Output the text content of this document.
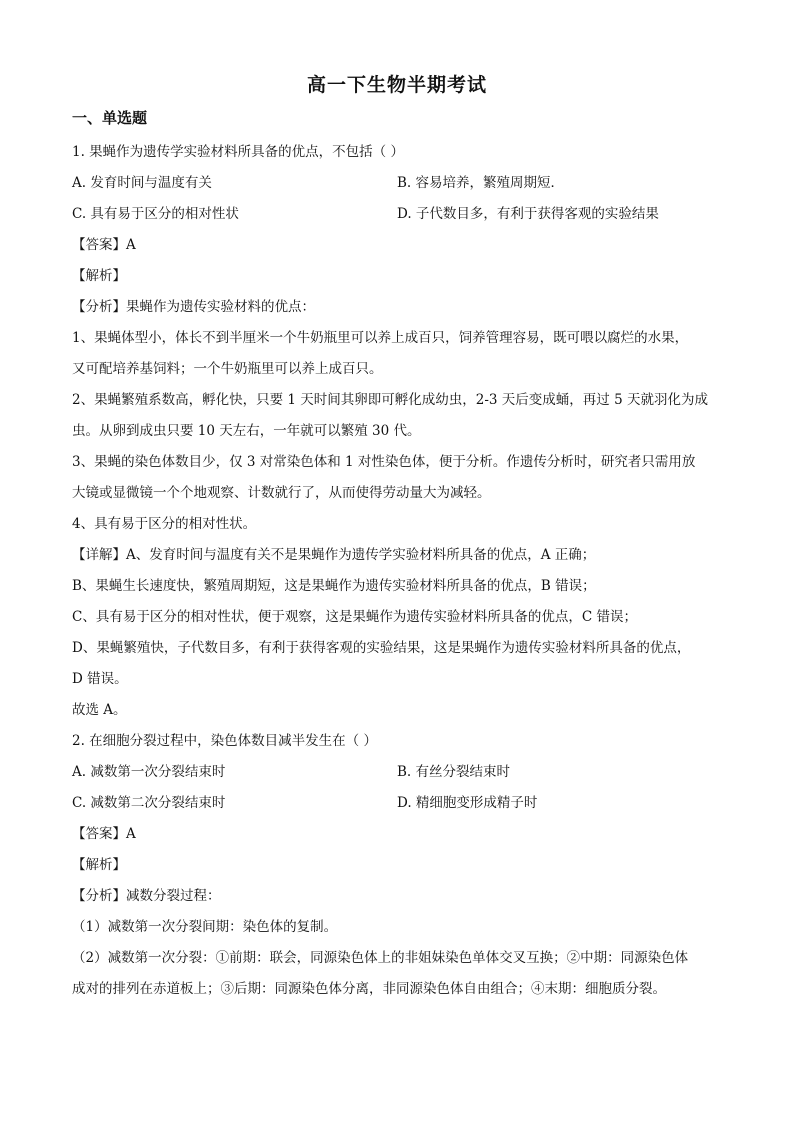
高一下生物半期考试
一、单选题
1. 果蝇作为遗传学实验材料所具备的优点，不包括（ ）
A. 发育时间与温度有关	B. 容易培养，繁殖周期短．
C. 具有易于区分的相对性状	D. 子代数目多，有利于获得客观的实验结果
【答案】A
【解析】
【分析】果蝇作为遗传实验材料的优点：
1、果蝇体型小，体长不到半厘米一个牛奶瓶里可以养上成百只，饲养管理容易，既可喂以腐烂的水果，
又可配培养基饲料；一个牛奶瓶里可以养上成百只。
2、果蝇繁殖系数高，孵化快，只要 1 天时间其卵即可孵化成幼虫，2-3 天后变成蛹，再过 5 天就羽化为成
虫。从卵到成虫只要 10 天左右，一年就可以繁殖 30 代。
3、果蝇的染色体数目少，仅 3 对常染色体和 1 对性染色体，便于分析。作遗传分析时，研究者只需用放
大镜或显微镜一个个地观察、计数就行了，从而使得劳动量大为减轻。
4、具有易于区分的相对性状。
【详解】A、发育时间与温度有关不是果蝇作为遗传学实验材料所具备的优点，A 正确；
B、果蝇生长速度快，繁殖周期短，这是果蝇作为遗传实验材料所具备的优点，B 错误；
C、具有易于区分的相对性状，便于观察，这是果蝇作为遗传实验材料所具备的优点，C 错误；
D、果蝇繁殖快，子代数目多，有利于获得客观的实验结果，这是果蝇作为遗传实验材料所具备的优点，
D 错误。
故选 A。
2. 在细胞分裂过程中，染色体数目减半发生在（ ）
A. 减数第一次分裂结束时	B. 有丝分裂结束时
C. 减数第二次分裂结束时	D. 精细胞变形成精子时
【答案】A
【解析】
【分析】减数分裂过程：
（1）减数第一次分裂间期：染色体的复制。
（2）减数第一次分裂：①前期：联会，同源染色体上的非姐妹染色单体交叉互换；②中期：同源染色体
成对的排列在赤道板上；③后期：同源染色体分离，非同源染色体自由组合；④末期：细胞质分裂。
